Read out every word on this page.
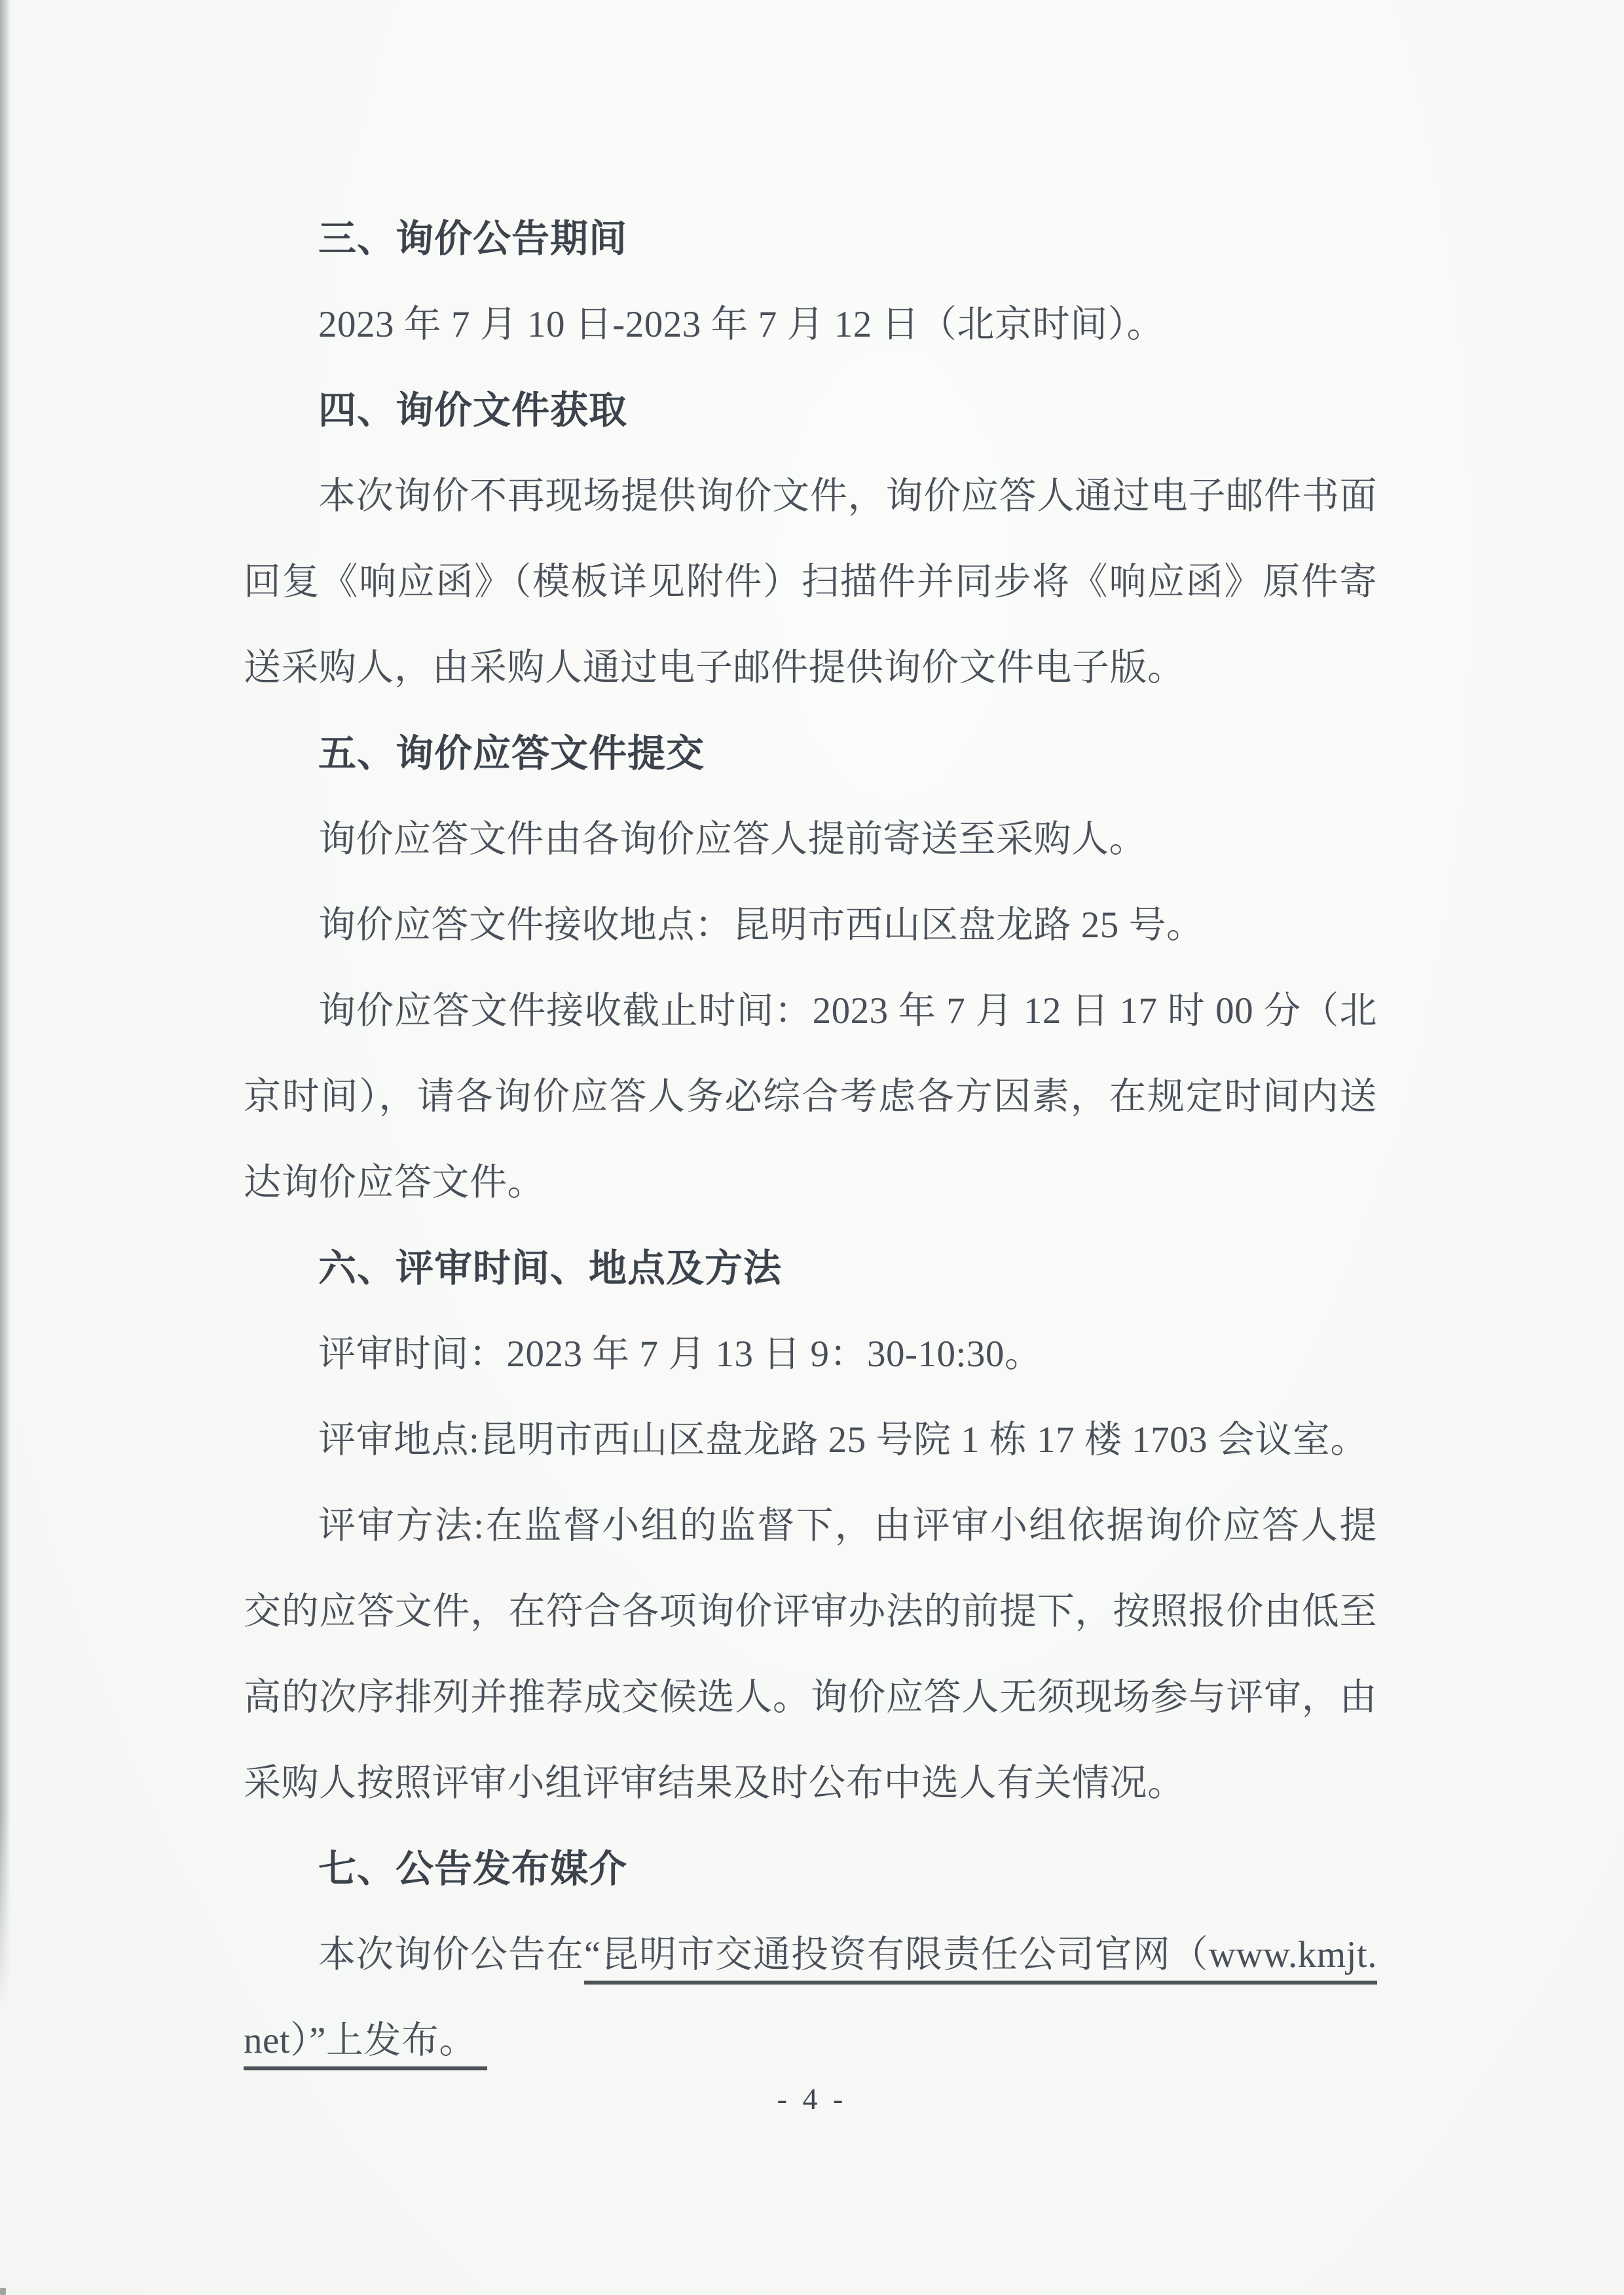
三、询价公告期间
2023 年 7 月 10 日-2023 年 7 月 12 日（北京时间）。
四、询价文件获取
本次询价不再现场提供询价文件，询价应答人通过电子邮件书面
回复《响应函》（模板详见附件）扫描件并同步将《响应函》原件寄
送采购人，由采购人通过电子邮件提供询价文件电子版。
五、询价应答文件提交
询价应答文件由各询价应答人提前寄送至采购人。
询价应答文件接收地点：昆明市西山区盘龙路 25 号。
询价应答文件接收截止时间：2023 年 7 月 12 日 17 时 00 分（北
京时间），请各询价应答人务必综合考虑各方因素，在规定时间内送
达询价应答文件。
六、评审时间、地点及方法
评审时间：2023 年 7 月 13 日 9：30-10:30。
评审地点:昆明市西山区盘龙路 25 号院 1 栋 17 楼 1703 会议室。
评审方法:在监督小组的监督下，由评审小组依据询价应答人提
交的应答文件，在符合各项询价评审办法的前提下，按照报价由低至
高的次序排列并推荐成交候选人。询价应答人无须现场参与评审，由
采购人按照评审小组评审结果及时公布中选人有关情况。
七、公告发布媒介
本次询价公告在“昆明市交通投资有限责任公司官网（www.kmjt.
net）”上发布。
- 4 -
